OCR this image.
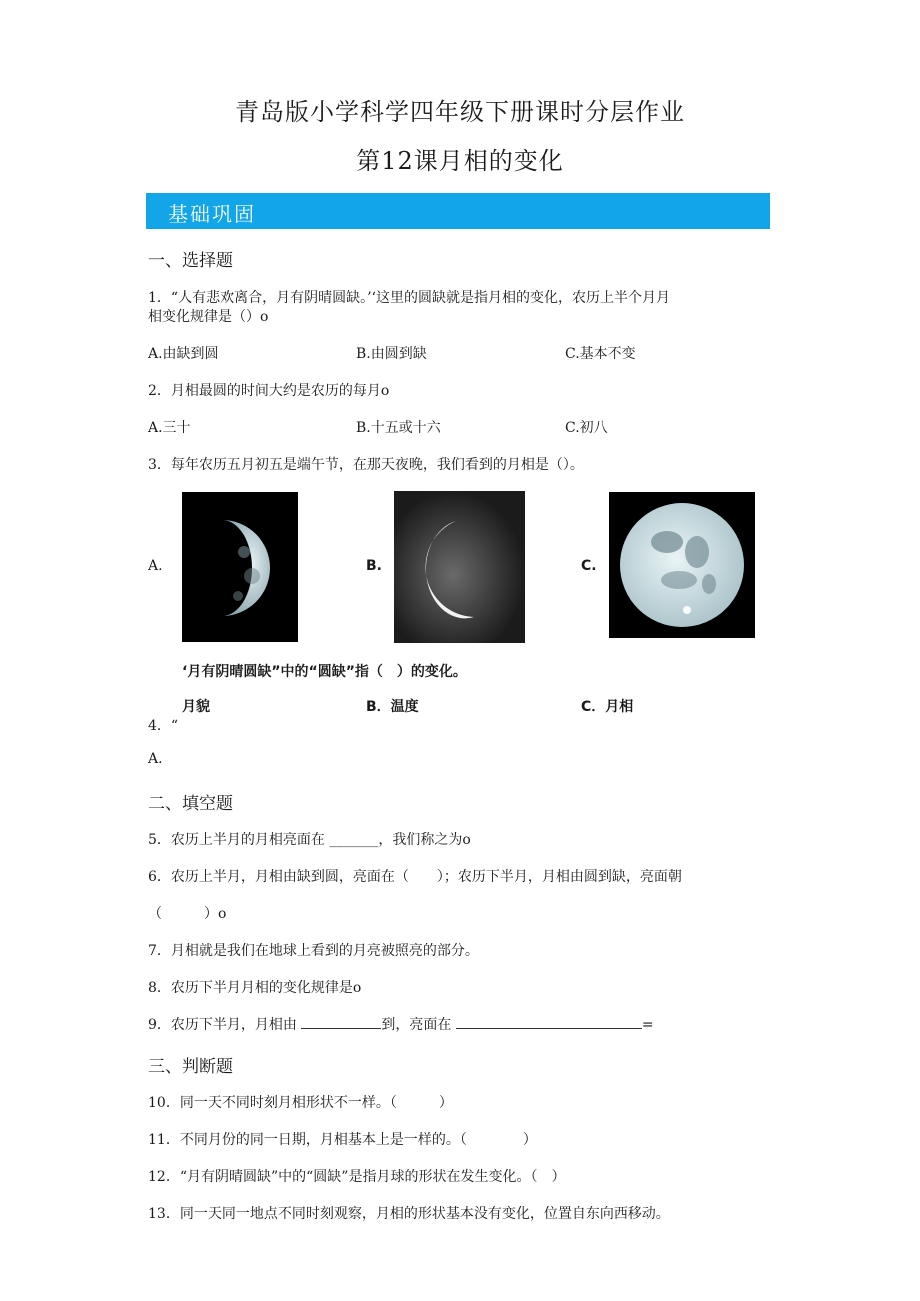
青岛版小学科学四年级下册课时分层作业
第12课月相的变化
基础巩固
一、选择题
1．“人有悲欢离合，月有阴晴圆缺。’‘这里的圆缺就是指月相的变化，农历上半个月月
相变化规律是（）o
A.由缺到圆	B.由圆到缺	C.基本不变
2．月相最圆的时间大约是农历的每月o
A.三十	B.十五或十六	C.初八
3．每年农历五月初五是端午节，在那天夜晚，我们看到的月相是（）。
A.	B.	C.
‘月有阴晴圆缺”中的“圆缺”指（　）的变化。
月貌	B．温度	C．月相
4．“
A.
二、填空题
5．农历上半月的月相亮面在 _______，我们称之为o
6．农历上半月，月相由缺到圆，亮面在（　　）；农历下半月，月相由圆到缺，亮面朝
（　　　）o
7．月相就是我们在地球上看到的月亮被照亮的部分。
8．农历下半月月相的变化规律是o
9．农历下半月，月相由	到，亮面在	=
三、判断题
10．同一天不同时刻月相形状不一样。（　　　）
11．不同月份的同一日期，月相基本上是一样的。（　　　　）
12．“月有阴晴圆缺”中的“圆缺”是指月球的形状在发生变化。（　）
13．同一天同一地点不同时刻观察，月相的形状基本没有变化，位置自东向西移动。
